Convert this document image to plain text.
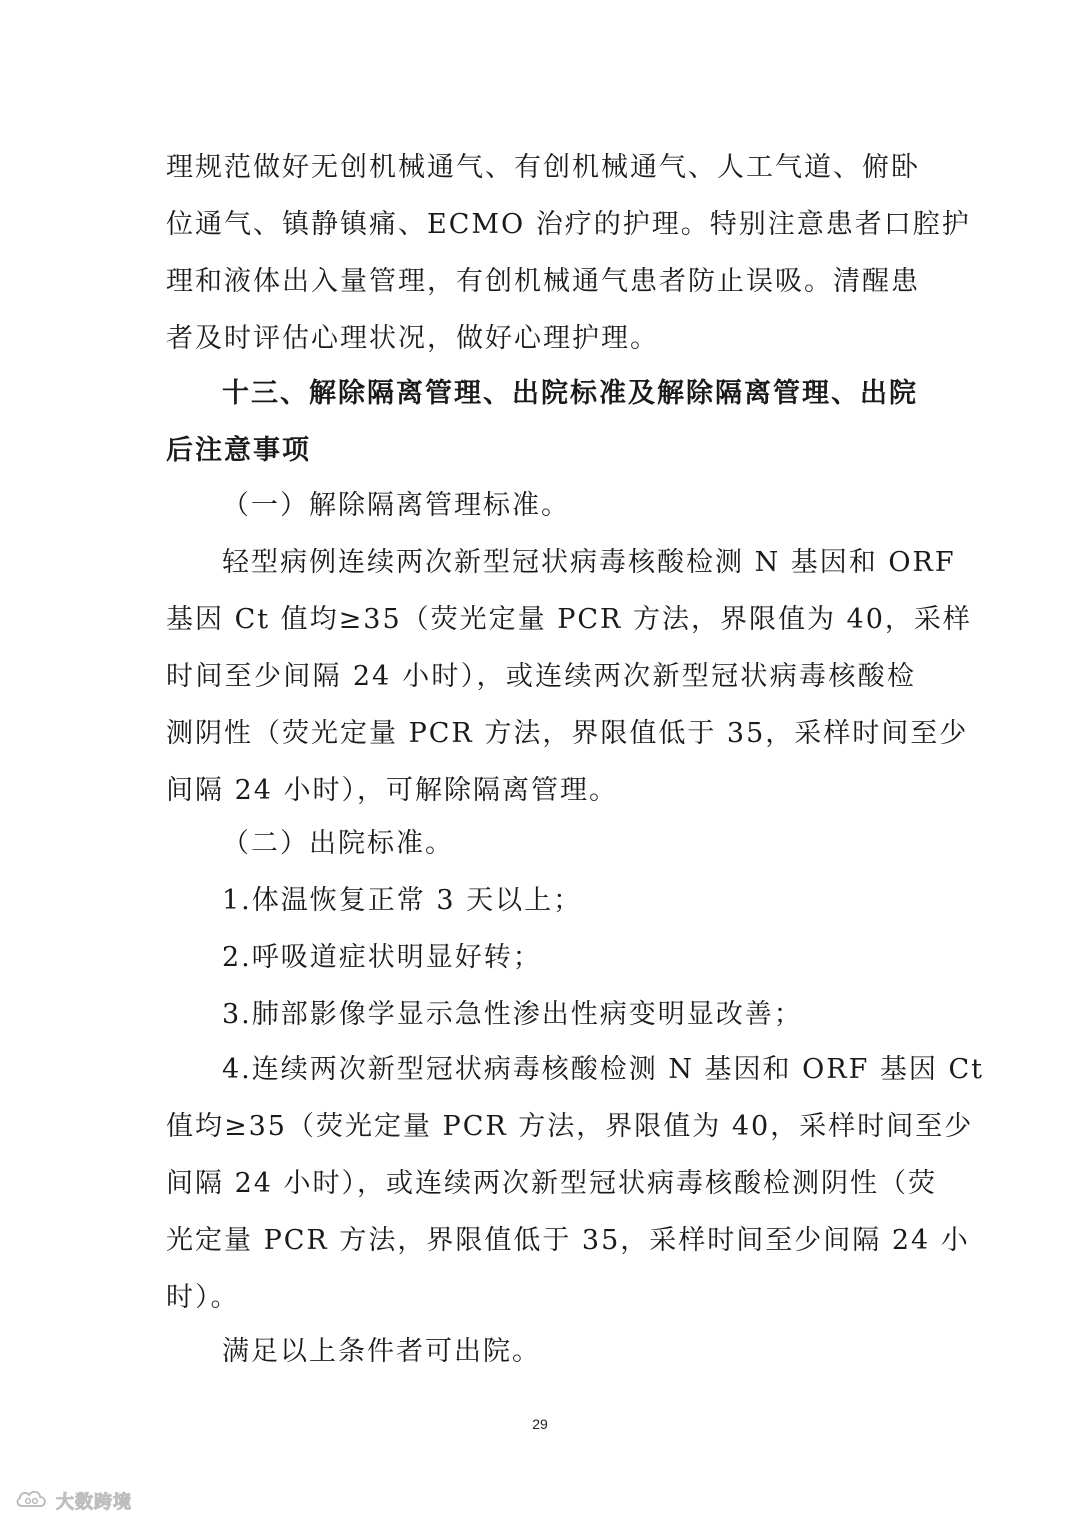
理规范做好无创机械通气、有创机械通气、人工气道、俯卧
位通气、镇静镇痛、ECMO 治疗的护理。特别注意患者口腔护
理和液体出入量管理，有创机械通气患者防止误吸。清醒患
者及时评估心理状况，做好心理护理。
十三、解除隔离管理、出院标准及解除隔离管理、出院
后注意事项
（一）解除隔离管理标准。
轻型病例连续两次新型冠状病毒核酸检测 N 基因和 ORF
基因 Ct 值均≥35（荧光定量 PCR 方法，界限值为 40，采样
时间至少间隔 24 小时），或连续两次新型冠状病毒核酸检
测阴性（荧光定量 PCR 方法，界限值低于 35，采样时间至少
间隔 24 小时），可解除隔离管理。
（二）出院标准。
1.体温恢复正常 3 天以上；
2.呼吸道症状明显好转；
3.肺部影像学显示急性渗出性病变明显改善；
4.连续两次新型冠状病毒核酸检测 N 基因和 ORF 基因 Ct
值均≥35（荧光定量 PCR 方法，界限值为 40，采样时间至少
间隔 24 小时），或连续两次新型冠状病毒核酸检测阴性（荧
光定量 PCR 方法，界限值低于 35，采样时间至少间隔 24 小
时）。
满足以上条件者可出院。
29
大数跨境
